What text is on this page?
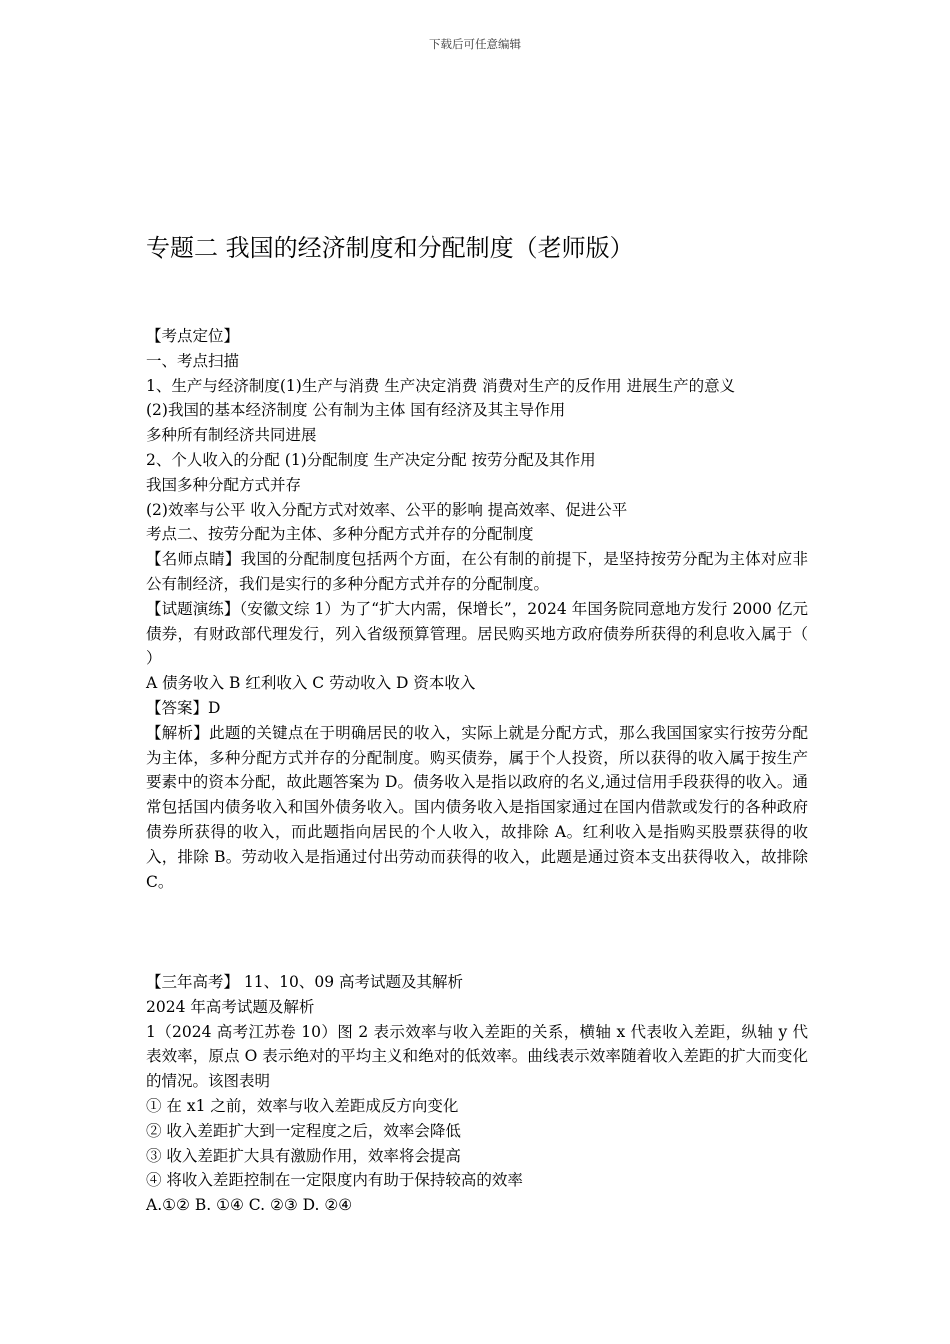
下载后可任意编辑
专题二 我国的经济制度和分配制度（老师版）

【考点定位】

一、考点扫描

1、生产与经济制度(1)生产与消费 生产决定消费 消费对生产的反作用 进展生产的意义

(2)我国的基本经济制度 公有制为主体 国有经济及其主导作用

多种所有制经济共同进展

2、个人收入的分配 (1)分配制度 生产决定分配 按劳分配及其作用

我国多种分配方式并存

(2)效率与公平 收入分配方式对效率、公平的影响 提高效率、促进公平

考点二、按劳分配为主体、多种分配方式并存的分配制度

【名师点睛】我国的分配制度包括两个方面，在公有制的前提下，是坚持按劳分配为主体对应非公有制经济，我们是实行的多种分配方式并存的分配制度。

【试题演练】（安徽文综 1）为了“扩大内需，保增长”，2024 年国务院同意地方发行 2000 亿元债券，有财政部代理发行，列入省级预算管理。居民购买地方政府债券所获得的利息收入属于（ ）

A 债务收入 B 红利收入 C 劳动收入 D 资本收入

【答案】D

【解析】此题的关键点在于明确居民的收入，实际上就是分配方式，那么我国国家实行按劳分配为主体，多种分配方式并存的分配制度。购买债券，属于个人投资，所以获得的收入属于按生产要素中的资本分配，故此题答案为 D。债务收入是指以政府的名义,通过信用手段获得的收入。通常包括国内债务收入和国外债务收入。国内债务收入是指国家通过在国内借款或发行的各种政府债券所获得的收入，而此题指向居民的个人收入，故排除 A。红利收入是指购买股票获得的收入，排除 B。劳动收入是指通过付出劳动而获得的收入，此题是通过资本支出获得收入，故排除 C。

【三年高考】 11、10、09 高考试题及其解析

2024 年高考试题及解析

1（2024 高考江苏卷 10）图 2 表示效率与收入差距的关系，横轴 x 代表收入差距，纵轴 y 代表效率，原点 O 表示绝对的平均主义和绝对的低效率。曲线表示效率随着收入差距的扩大而变化的情况。该图表明

① 在 x1 之前，效率与收入差距成反方向变化

② 收入差距扩大到一定程度之后，效率会降低

③ 收入差距扩大具有激励作用，效率将会提高

④ 将收入差距控制在一定限度内有助于保持较高的效率

A.①② B. ①④ C. ②③ D. ②④
